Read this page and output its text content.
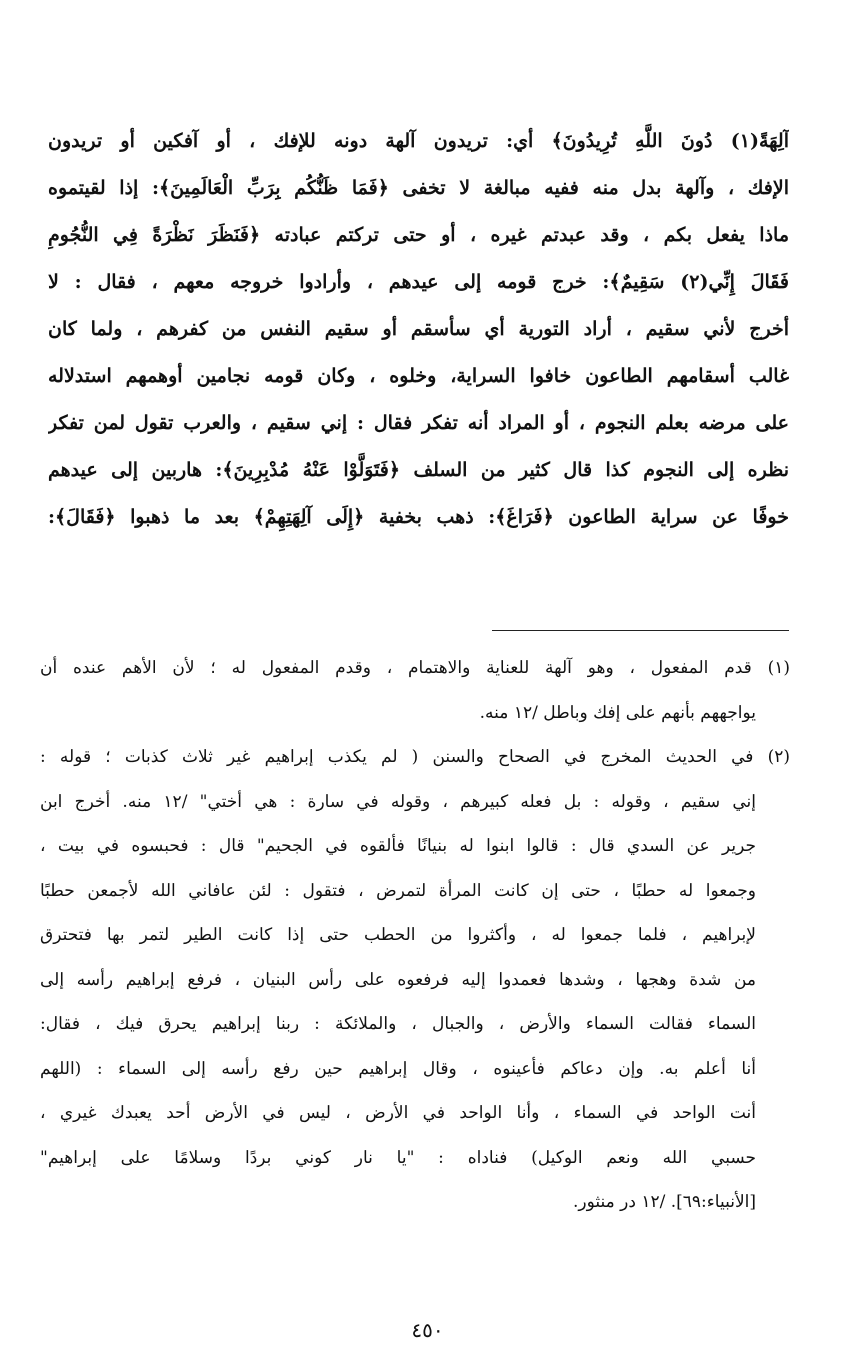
آلِهَةً(١) دُونَ اللَّهِ تُرِيدُونَ﴾ أي: تريدون آلهة دونه للإفك ، أو آفكين أو تريدون
الإفك ، وآلهة بدل منه ففيه مبالغة لا تخفى ﴿فَمَا ظَنُّكُم بِرَبِّ الْعَالَمِينَ﴾: إذا لقيتموه
ماذا يفعل بكم ، وقد عبدتم غيره ، أو حتى تركتم عبادته ﴿فَنَظَرَ نَظْرَةً فِي النُّجُومِ
فَقَالَ إِنِّي(٢) سَقِيمٌ﴾: خرج قومه إلى عيدهم ، وأرادوا خروجه معهم ، فقال : لا
أخرج لأني سقيم ، أراد التورية أي سأسقم أو سقيم النفس من كفرهم ، ولما كان
غالب أسقامهم الطاعون خافوا السراية، وخلوه ، وكان قومه نجامين أوهمهم استدلاله
على مرضه بعلم النجوم ، أو المراد أنه تفكر فقال : إني سقيم ، والعرب تقول لمن تفكر
نظره إلى النجوم كذا قال كثير من السلف ﴿فَتَوَلَّوْا عَنْهُ مُدْبِرِينَ﴾: هاربين إلى عيدهم
خوفًا عن سراية الطاعون ﴿فَرَاغَ﴾: ذهب بخفية ﴿إِلَى آلِهَتِهِمْ﴾ بعد ما ذهبوا ﴿فَقَالَ﴾:
(١) قدم المفعول ، وهو آلهة للعناية والاهتمام ، وقدم المفعول له ؛ لأن الأهم عنده أن
يواجههم بأنهم على إفك وباطل /١٢ منه.
(٢) في الحديث المخرج في الصحاح والسنن ( لم يكذب إبراهيم غير ثلاث كذبات ؛ قوله :
إني سقيم ، وقوله : بل فعله كبيرهم ، وقوله في سارة : هي أختي" /١٢ منه. أخرج ابن
جرير عن السدي قال : قالوا ابنوا له بنيانًا فألقوه في الجحيم" قال : فحبسوه في بيت ،
وجمعوا له حطبًا ، حتى إن كانت المرأة لتمرض ، فتقول : لئن عافاني الله لأجمعن حطبًا
لإبراهيم ، فلما جمعوا له ، وأكثروا من الحطب حتى إذا كانت الطير لتمر بها فتحترق
من شدة وهجها ، وشدها فعمدوا إليه فرفعوه على رأس البنيان ، فرفع إبراهيم رأسه إلى
السماء فقالت السماء والأرض ، والجبال ، والملائكة : ربنا إبراهيم يحرق فيك ، فقال:
أنا أعلم به. وإن دعاكم فأعينوه ، وقال إبراهيم حين رفع رأسه إلى السماء : (اللهم
أنت الواحد في السماء ، وأنا الواحد في الأرض ، ليس في الأرض أحد يعبدك غيري ،
حسبي الله ونعم الوكيل) فناداه : "يا نار كوني بردًا وسلامًا على إبراهيم"
[الأنبياء:٦٩]. /١٢ در منثور.
٤٥٠
